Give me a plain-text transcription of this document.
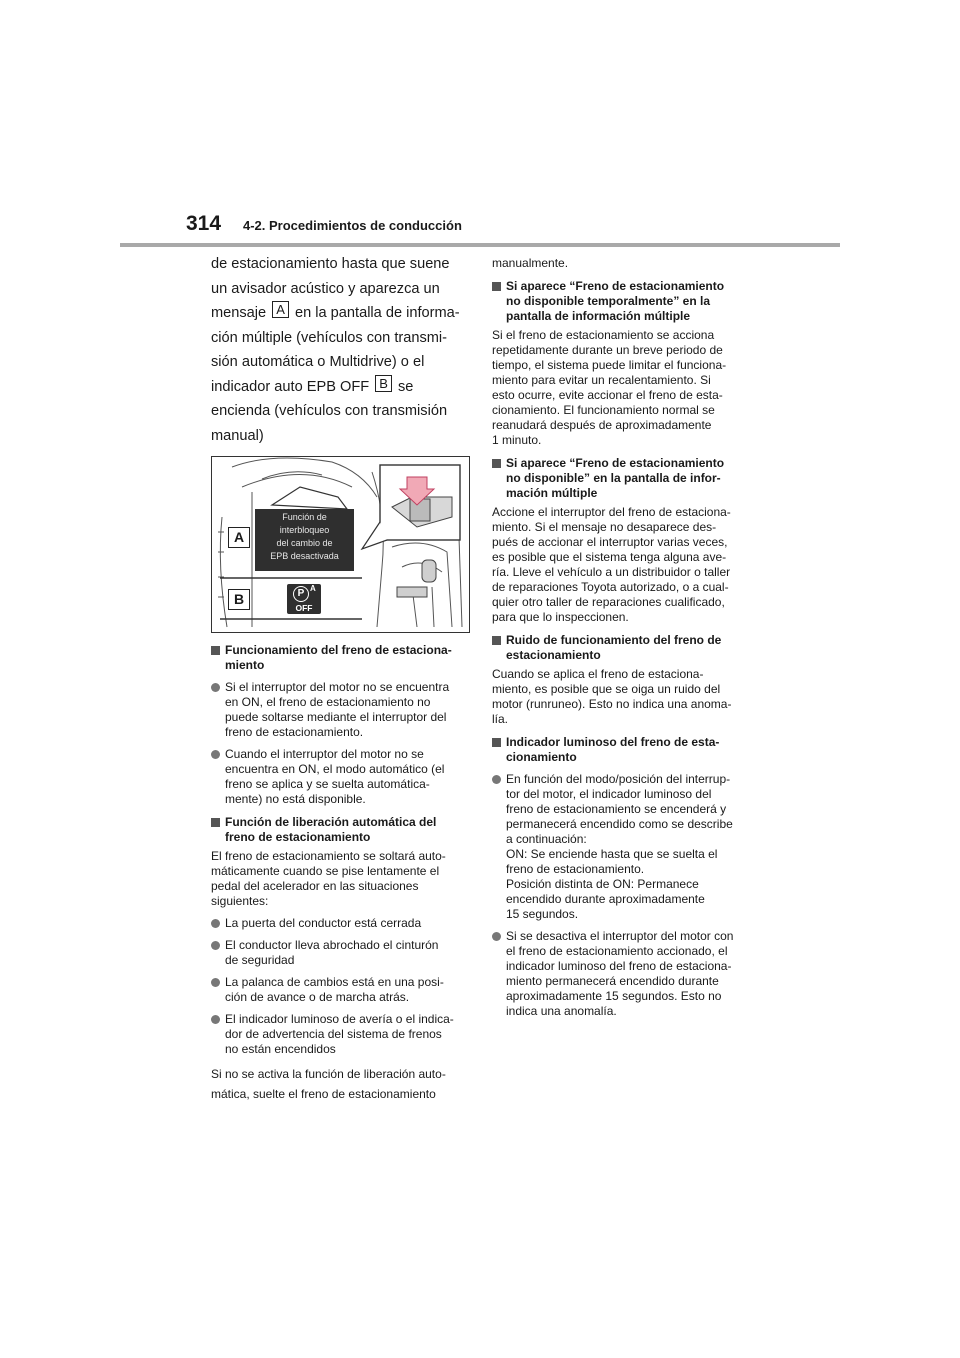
314 4-2. Procedimientos de conducción
de estacionamiento hasta que suene
un avisador acústico y aparezca un
mensaje A en la pantalla de informa-
ción múltiple (vehículos con transmi-
sión automática o Multidrive) o el
indicador auto EPB OFF B se
encienda (vehículos con transmisión
manual)
A
Función de
interbloqueo
del cambio de
EPB desactivada
B	P A
OFF
Funcionamiento del freno de estaciona-
miento
Si el interruptor del motor no se encuentra
en ON, el freno de estacionamiento no
puede soltarse mediante el interruptor del
freno de estacionamiento.
Cuando el interruptor del motor no se
encuentra en ON, el modo automático (el
freno se aplica y se suelta automática-
mente) no está disponible.
Función de liberación automática del
freno de estacionamiento
El freno de estacionamiento se soltará auto-
máticamente cuando se pise lentamente el
pedal del acelerador en las situaciones
siguientes:
La puerta del conductor está cerrada
El conductor lleva abrochado el cinturón
de seguridad
La palanca de cambios está en una posi-
ción de avance o de marcha atrás.
El indicador luminoso de avería o el indica-
dor de advertencia del sistema de frenos
no están encendidos
Si no se activa la función de liberación auto-
mática, suelte el freno de estacionamiento
manualmente.
Si aparece “Freno de estacionamiento
no disponible temporalmente” en la
pantalla de información múltiple
Si el freno de estacionamiento se acciona
repetidamente durante un breve periodo de
tiempo, el sistema puede limitar el funciona-
miento para evitar un recalentamiento. Si
esto ocurre, evite accionar el freno de esta-
cionamiento. El funcionamiento normal se
reanudará después de aproximadamente
1 minuto.
Si aparece “Freno de estacionamiento
no disponible” en la pantalla de infor-
mación múltiple
Accione el interruptor del freno de estaciona-
miento. Si el mensaje no desaparece des-
pués de accionar el interruptor varias veces,
es posible que el sistema tenga alguna ave-
ría. Lleve el vehículo a un distribuidor o taller
de reparaciones Toyota autorizado, o a cual-
quier otro taller de reparaciones cualificado,
para que lo inspeccionen.
Ruido de funcionamiento del freno de
estacionamiento
Cuando se aplica el freno de estaciona-
miento, es posible que se oiga un ruido del
motor (runruneo). Esto no indica una anoma-
lía.
Indicador luminoso del freno de esta-
cionamiento
En función del modo/posición del interrup-
tor del motor, el indicador luminoso del
freno de estacionamiento se encenderá y
permanecerá encendido como se describe
a continuación:
ON: Se enciende hasta que se suelta el
freno de estacionamiento.
Posición distinta de ON: Permanece
encendido durante aproximadamente
15 segundos.
Si se desactiva el interruptor del motor con
el freno de estacionamiento accionado, el
indicador luminoso del freno de estaciona-
miento permanecerá encendido durante
aproximadamente 15 segundos. Esto no
indica una anomalía.
